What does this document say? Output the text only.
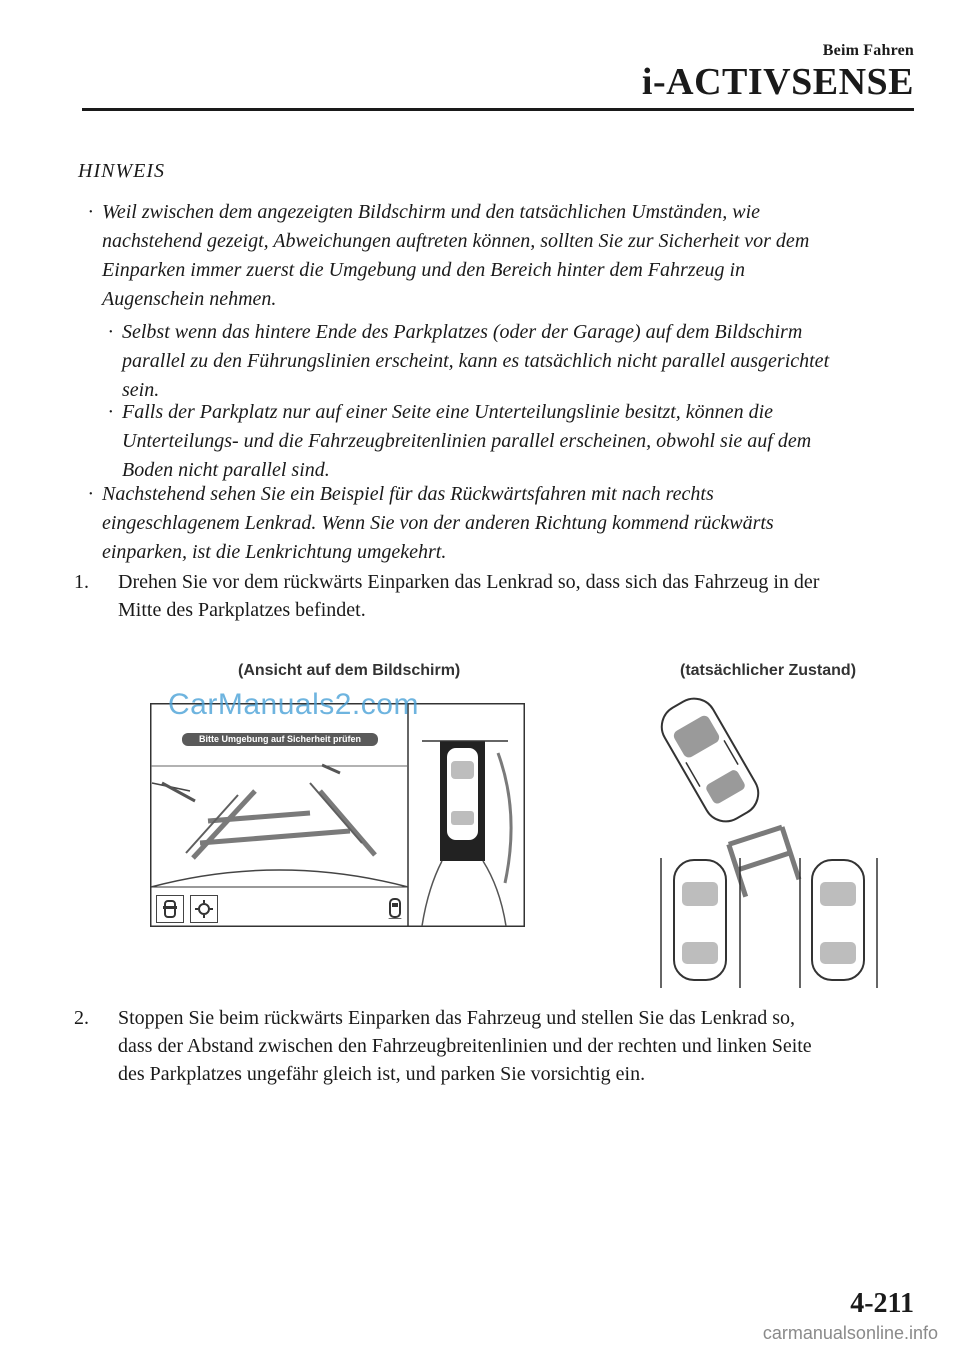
Beim Fahren
i-ACTIVSENSE
HINWEIS
· Weil zwischen dem angezeigten Bildschirm und den tatsächlichen Umständen, wie

nachstehend gezeigt, Abweichungen auftreten können, sollten Sie zur Sicherheit vor dem

Einparken immer zuerst die Umgebung und den Bereich hinter dem Fahrzeug in

Augenschein nehmen.

· Selbst wenn das hintere Ende des Parkplatzes (oder der Garage) auf dem Bildschirm

parallel zu den Führungslinien erscheint, kann es tatsächlich nicht parallel ausgerichtet

sein.

· Falls der Parkplatz nur auf einer Seite eine Unterteilungslinie besitzt, können die

Unterteilungs- und die Fahrzeugbreitenlinien parallel erscheinen, obwohl sie auf dem

Boden nicht parallel sind.

· Nachstehend sehen Sie ein Beispiel für das Rückwärtsfahren mit nach rechts

eingeschlagenem Lenkrad. Wenn Sie von der anderen Richtung kommend rückwärts

einparken, ist die Lenkrichtung umgekehrt.

1. Drehen Sie vor dem rückwärts Einparken das Lenkrad so, dass sich das Fahrzeug in der

Mitte des Parkplatzes befindet.

(Ansicht auf dem Bildschirm)	(tatsächlicher Zustand)
Bitte Umgebung auf Sicherheit prüfen
CarManuals2.com
2. Stoppen Sie beim rückwärts Einparken das Fahrzeug und stellen Sie das Lenkrad so,

dass der Abstand zwischen den Fahrzeugbreitenlinien und der rechten und linken Seite

des Parkplatzes ungefähr gleich ist, und parken Sie vorsichtig ein.

4-211
carmanualsonline.info
